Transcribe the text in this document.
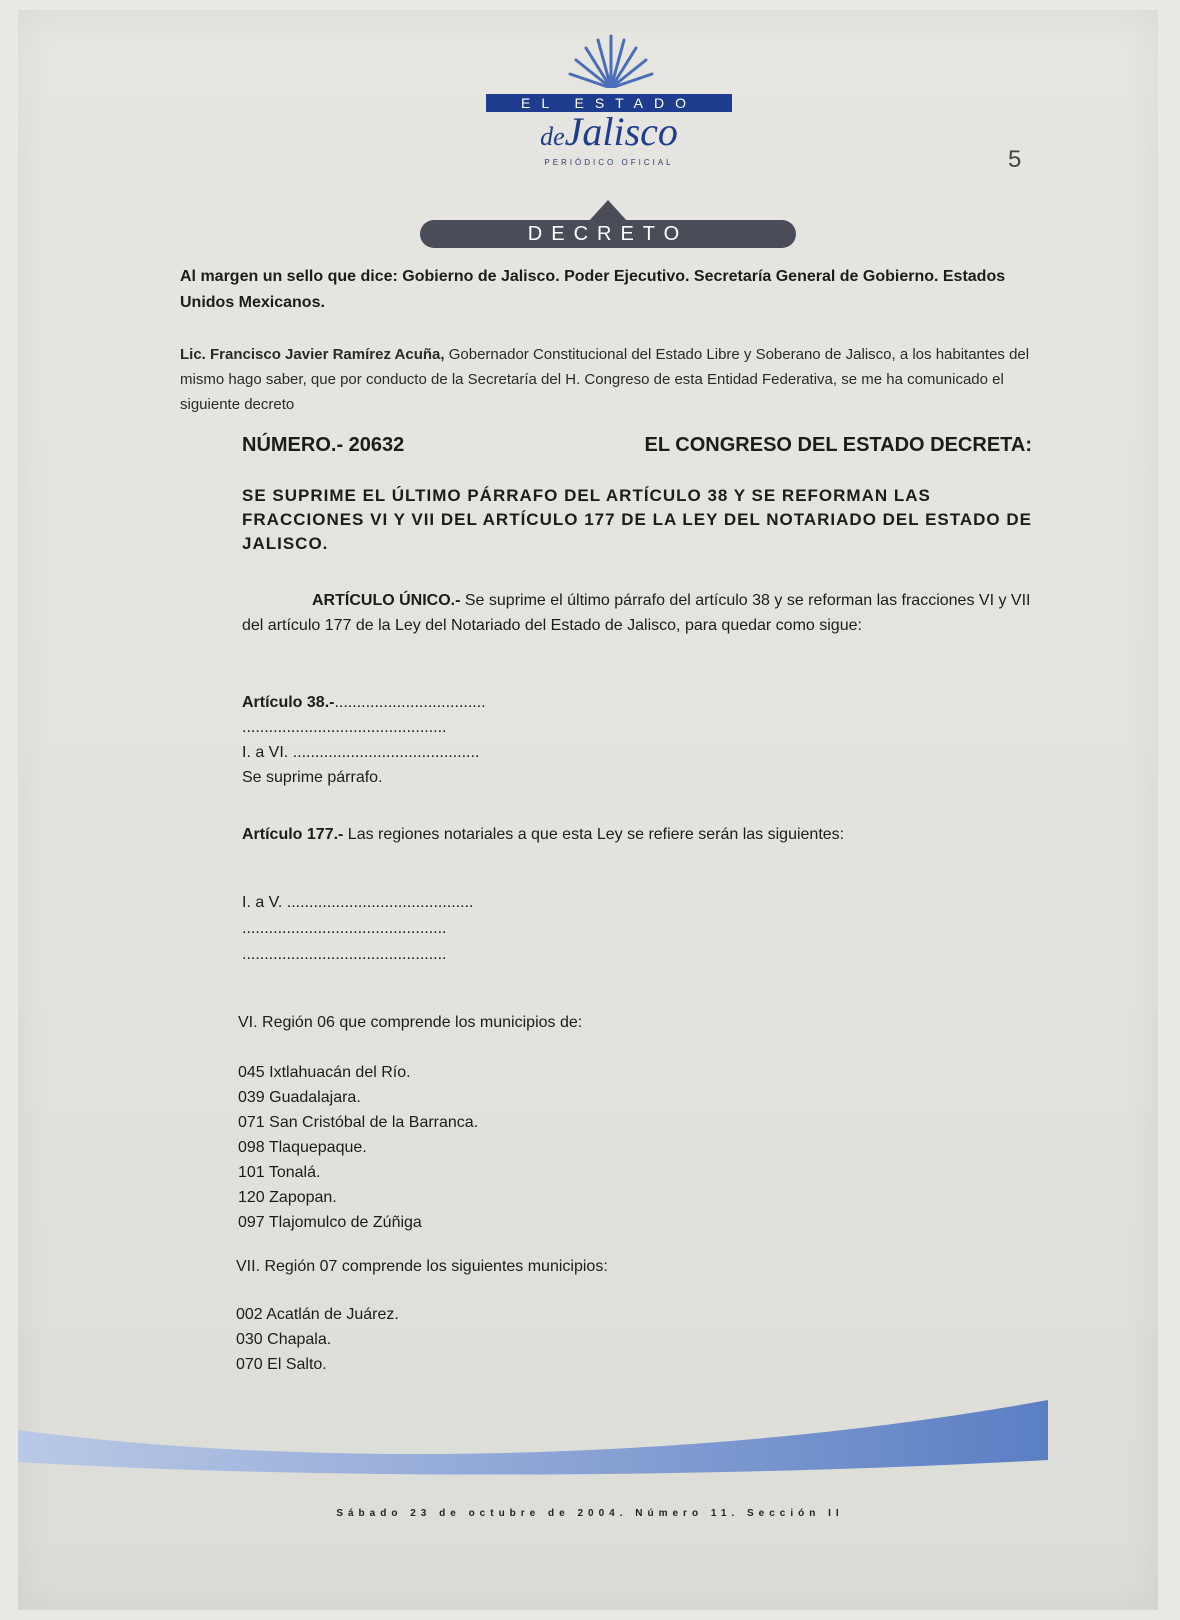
EL ESTADO
deJalisco
PERIÓDICO OFICIAL	5
DECRETO
Al margen un sello que dice: Gobierno de Jalisco. Poder Ejecutivo. Secretaría General de Gobierno. Estados Unidos Mexicanos.
Lic. Francisco Javier Ramírez Acuña, Gobernador Constitucional del Estado Libre y Soberano de Jalisco, a los habitantes del mismo hago saber, que por conducto de la Secretaría del H. Congreso de esta Entidad Federativa, se me ha comunicado el siguiente decreto
NÚMERO.- 20632	EL CONGRESO DEL ESTADO DECRETA:
SE SUPRIME EL ÚLTIMO PÁRRAFO DEL ARTÍCULO 38 Y SE REFORMAN LAS FRACCIONES VI Y VII DEL ARTÍCULO 177 DE LA LEY DEL NOTARIADO DEL ESTADO DE JALISCO.
ARTÍCULO ÚNICO.- Se suprime el último párrafo del artículo 38 y se reforman las fracciones VI y VII del artículo 177 de la Ley del Notariado del Estado de Jalisco, para quedar como sigue:
Artículo 38.-..................................
..............................................
I. a VI. ..........................................
Se suprime párrafo.
Artículo 177.- Las regiones notariales a que esta Ley se refiere serán las siguientes:
I. a V. ..........................................
..............................................
..............................................
VI. Región 06 que comprende los municipios de:
045 Ixtlahuacán del Río.
039 Guadalajara.
071 San Cristóbal de la Barranca.
098 Tlaquepaque.
101 Tonalá.
120 Zapopan.
097 Tlajomulco de Zúñiga
VII. Región 07 comprende los siguientes municipios:
002 Acatlán de Juárez.
030 Chapala.
070 El Salto.
Sábado 23 de octubre de 2004. Número 11. Sección II
